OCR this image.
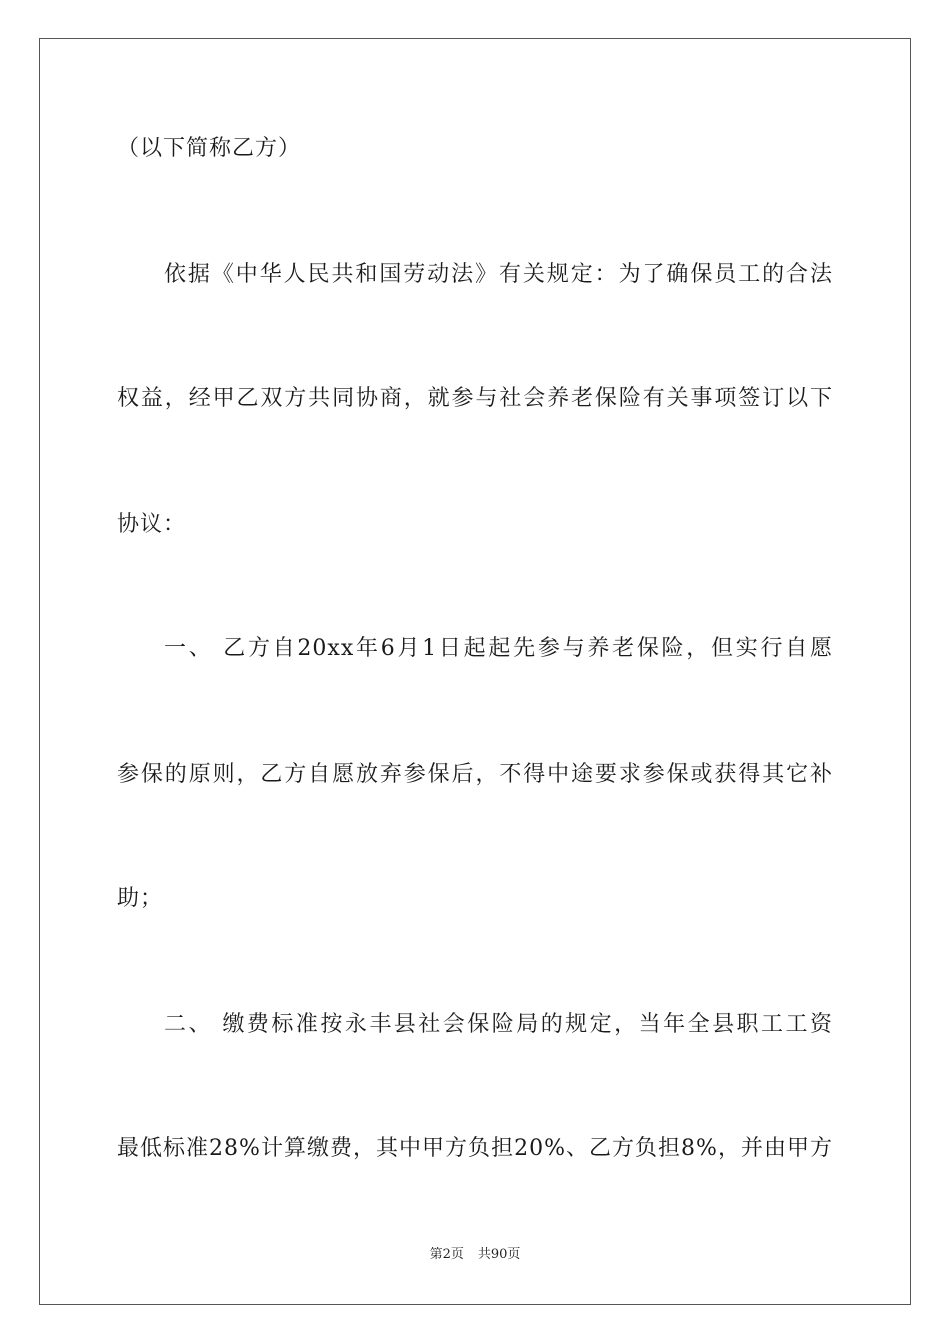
（以下简称乙方）
依据《中华人民共和国劳动法》有关规定：为了确保员工的合法
权益，经甲乙双方共同协商，就参与社会养老保险有关事项签订以下
协议：
一、 乙方自20xx年6月1日起起先参与养老保险，但实行自愿
参保的原则，乙方自愿放弃参保后，不得中途要求参保或获得其它补
助；
二、 缴费标准按永丰县社会保险局的规定，当年全县职工工资
最低标准28%计算缴费，其中甲方负担20%、乙方负担8%，并由甲方
第2页 共90页
